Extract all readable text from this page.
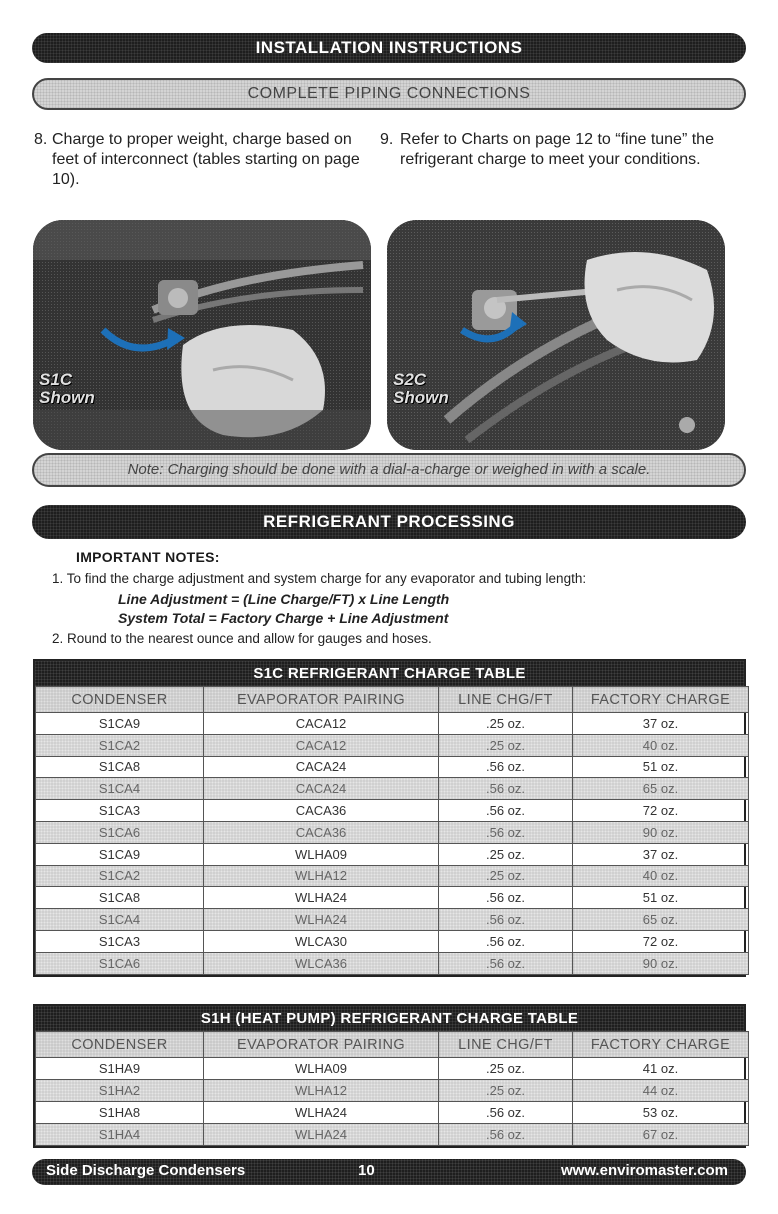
INSTALLATION INSTRUCTIONS
COMPLETE PIPING CONNECTIONS
8. Charge to proper weight, charge based on feet of interconnect (tables starting on page 10).
9. Refer to Charts on page 12 to “fine tune” the refrigerant charge to meet your conditions.
S1C
Shown
S2C
Shown
Note: Charging should be done with a dial-a-charge or weighed in with a scale.
REFRIGERANT PROCESSING
IMPORTANT NOTES:
1. To find the charge adjustment and system charge for any evaporator and tubing length:
Line Adjustment = (Line Charge/FT) x Line Length
System Total = Factory Charge + Line Adjustment
2. Round to the nearest ounce and allow for gauges and hoses.
S1C REFRIGERANT CHARGE TABLE
CONDENSER	EVAPORATOR PAIRING	LINE CHG/FT	FACTORY CHARGE
S1CA9	CACA12	.25 oz.	37 oz.
S1CA2	CACA12	.25 oz.	40 oz.
S1CA8	CACA24	.56 oz.	51 oz.
S1CA4	CACA24	.56 oz.	65 oz.
S1CA3	CACA36	.56 oz.	72 oz.
S1CA6	CACA36	.56 oz.	90 oz.
S1CA9	WLHA09	.25 oz.	37 oz.
S1CA2	WLHA12	.25 oz.	40 oz.
S1CA8	WLHA24	.56 oz.	51 oz.
S1CA4	WLHA24	.56 oz.	65 oz.
S1CA3	WLCA30	.56 oz.	72 oz.
S1CA6	WLCA36	.56 oz.	90 oz.
S1H (HEAT PUMP) REFRIGERANT CHARGE TABLE
CONDENSER	EVAPORATOR PAIRING	LINE CHG/FT	FACTORY CHARGE
S1HA9	WLHA09	.25 oz.	41 oz.
S1HA2	WLHA12	.25 oz.	44 oz.
S1HA8	WLHA24	.56 oz.	53 oz.
S1HA4	WLHA24	.56 oz.	67 oz.
Side Discharge Condensers	10	www.enviromaster.com
